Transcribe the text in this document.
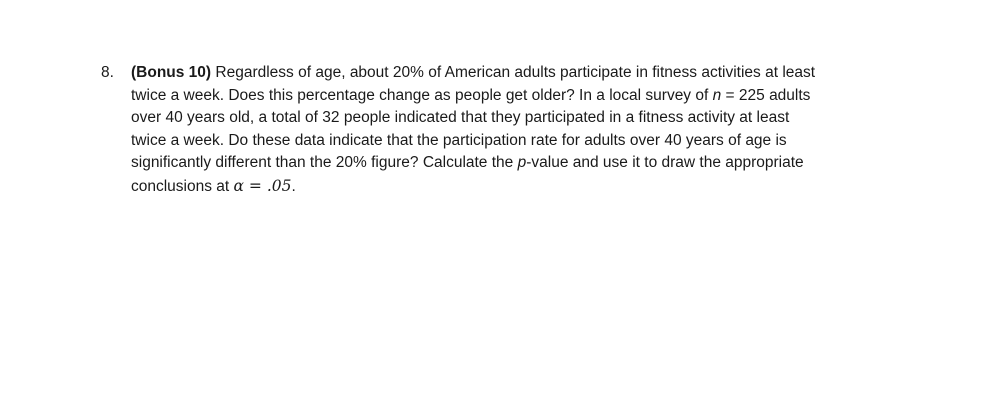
8.	(Bonus 10) Regardless of age, about 20% of American adults participate in fitness activities at least
twice a week. Does this percentage change as people get older? In a local survey of n = 225 adults
over 40 years old, a total of 32 people indicated that they participated in a fitness activity at least
twice a week. Do these data indicate that the participation rate for adults over 40 years of age is
significantly different than the 20% figure? Calculate the p-value and use it to draw the appropriate
conclusions at α = .05.
